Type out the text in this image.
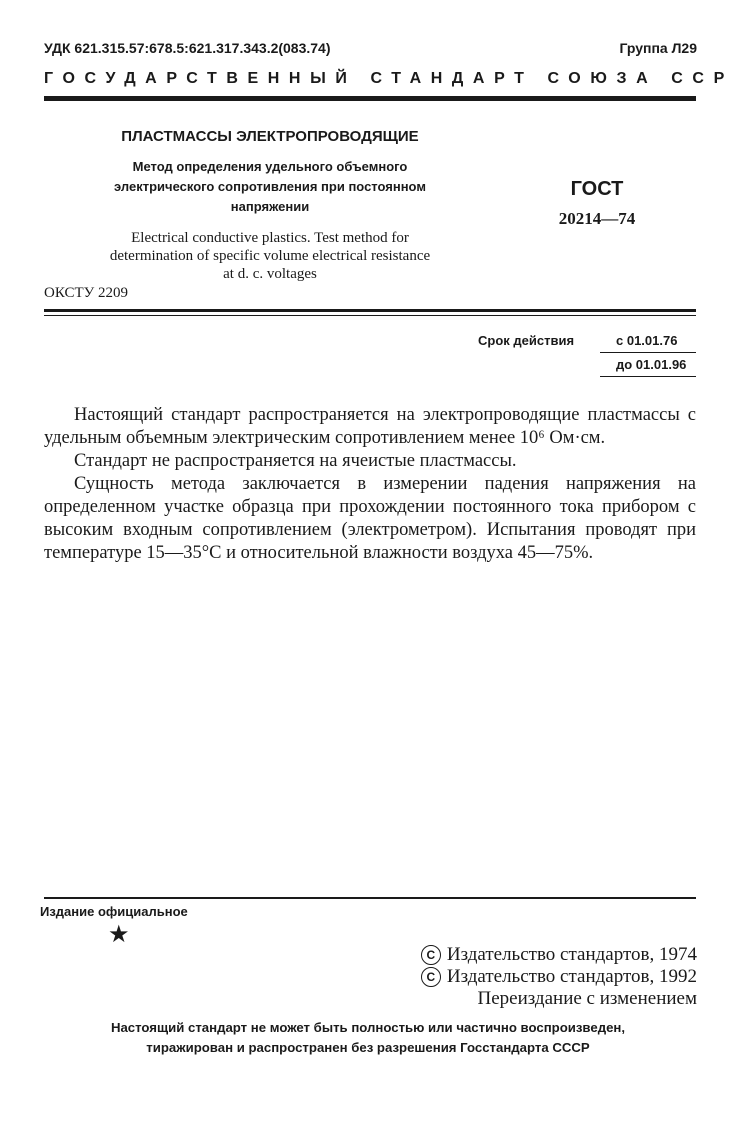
УДК 621.315.57:678.5:621.317.343.2(083.74)	Группа Л29
ГОСУДАРСТВЕННЫЙ СТАНДАРТ СОЮЗА ССР
ПЛАСТМАССЫ ЭЛЕКТРОПРОВОДЯЩИЕ
Метод определения удельного объемного
электрического сопротивления при постоянном
напряжении
Electrical conductive plastics. Test method for
determination of specific volume electrical resistance
at d. c. voltages
ОКСТУ 2209
ГОСТ
20214—74
Срок действия	с 01.01.76
до 01.01.96

Настоящий стандарт распространяется на электропроводящие пластмассы с удельным объемным электрическим сопротивлением менее 10⁶ Ом·см.

Стандарт не распространяется на ячеистые пластмассы.

Сущность метода заключается в измерении падения напряжения на определенном участке образца при прохождении постоянного тока прибором с высоким входным сопротивлением (электрометром). Испытания проводят при температуре 15—35°С и относительной влажности воздуха 45—75%.

Издание официальное
★
C Издательство стандартов, 1974
C Издательство стандартов, 1992
Переиздание с изменением
Настоящий стандарт не может быть полностью или частично воспроизведен,
тиражирован и распространен без разрешения Госстандарта СССР
